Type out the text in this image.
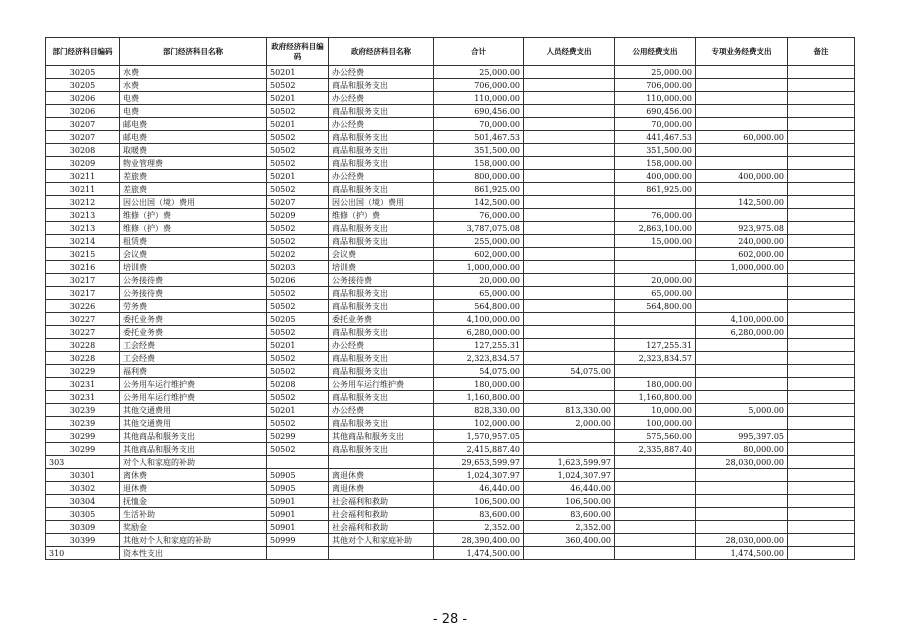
部门经济科目编码	部门经济科目名称	政府经济科目编码	政府经济科目名称	合计	人员经费支出	公用经费支出	专项业务经费支出	备注
30205	水费	50201	办公经费	25,000.00		25,000.00		
30205	水费	50502	商品和服务支出	706,000.00		706,000.00		
30206	电费	50201	办公经费	110,000.00		110,000.00		
30206	电费	50502	商品和服务支出	690,456.00		690,456.00		
30207	邮电费	50201	办公经费	70,000.00		70,000.00		
30207	邮电费	50502	商品和服务支出	501,467.53		441,467.53	60,000.00	
30208	取暖费	50502	商品和服务支出	351,500.00		351,500.00		
30209	物业管理费	50502	商品和服务支出	158,000.00		158,000.00		
30211	差旅费	50201	办公经费	800,000.00		400,000.00	400,000.00	
30211	差旅费	50502	商品和服务支出	861,925.00		861,925.00		
30212	因公出国（境）费用	50207	因公出国（境）费用	142,500.00			142,500.00	
30213	维修（护）费	50209	维修（护）费	76,000.00		76,000.00		
30213	维修（护）费	50502	商品和服务支出	3,787,075.08		2,863,100.00	923,975.08	
30214	租赁费	50502	商品和服务支出	255,000.00		15,000.00	240,000.00	
30215	会议费	50202	会议费	602,000.00			602,000.00	
30216	培训费	50203	培训费	1,000,000.00			1,000,000.00	
30217	公务接待费	50206	公务接待费	20,000.00		20,000.00		
30217	公务接待费	50502	商品和服务支出	65,000.00		65,000.00		
30226	劳务费	50502	商品和服务支出	564,800.00		564,800.00		
30227	委托业务费	50205	委托业务费	4,100,000.00			4,100,000.00	
30227	委托业务费	50502	商品和服务支出	6,280,000.00			6,280,000.00	
30228	工会经费	50201	办公经费	127,255.31		127,255.31		
30228	工会经费	50502	商品和服务支出	2,323,834.57		2,323,834.57		
30229	福利费	50502	商品和服务支出	54,075.00	54,075.00			
30231	公务用车运行维护费	50208	公务用车运行维护费	180,000.00		180,000.00		
30231	公务用车运行维护费	50502	商品和服务支出	1,160,800.00		1,160,800.00		
30239	其他交通费用	50201	办公经费	828,330.00	813,330.00	10,000.00	5,000.00	
30239	其他交通费用	50502	商品和服务支出	102,000.00	2,000.00	100,000.00		
30299	其他商品和服务支出	50299	其他商品和服务支出	1,570,957.05		575,560.00	995,397.05	
30299	其他商品和服务支出	50502	商品和服务支出	2,415,887.40		2,335,887.40	80,000.00	
303	对个人和家庭的补助			29,653,599.97	1,623,599.97		28,030,000.00	
30301	离休费	50905	离退休费	1,024,307.97	1,024,307.97			
30302	退休费	50905	离退休费	46,440.00	46,440.00			
30304	抚恤金	50901	社会福利和救助	106,500.00	106,500.00			
30305	生活补助	50901	社会福利和救助	83,600.00	83,600.00			
30309	奖励金	50901	社会福利和救助	2,352.00	2,352.00			
30399	其他对个人和家庭的补助	50999	其他对个人和家庭补助	28,390,400.00	360,400.00		28,030,000.00	
310	资本性支出			1,474,500.00			1,474,500.00	
- 28 -
